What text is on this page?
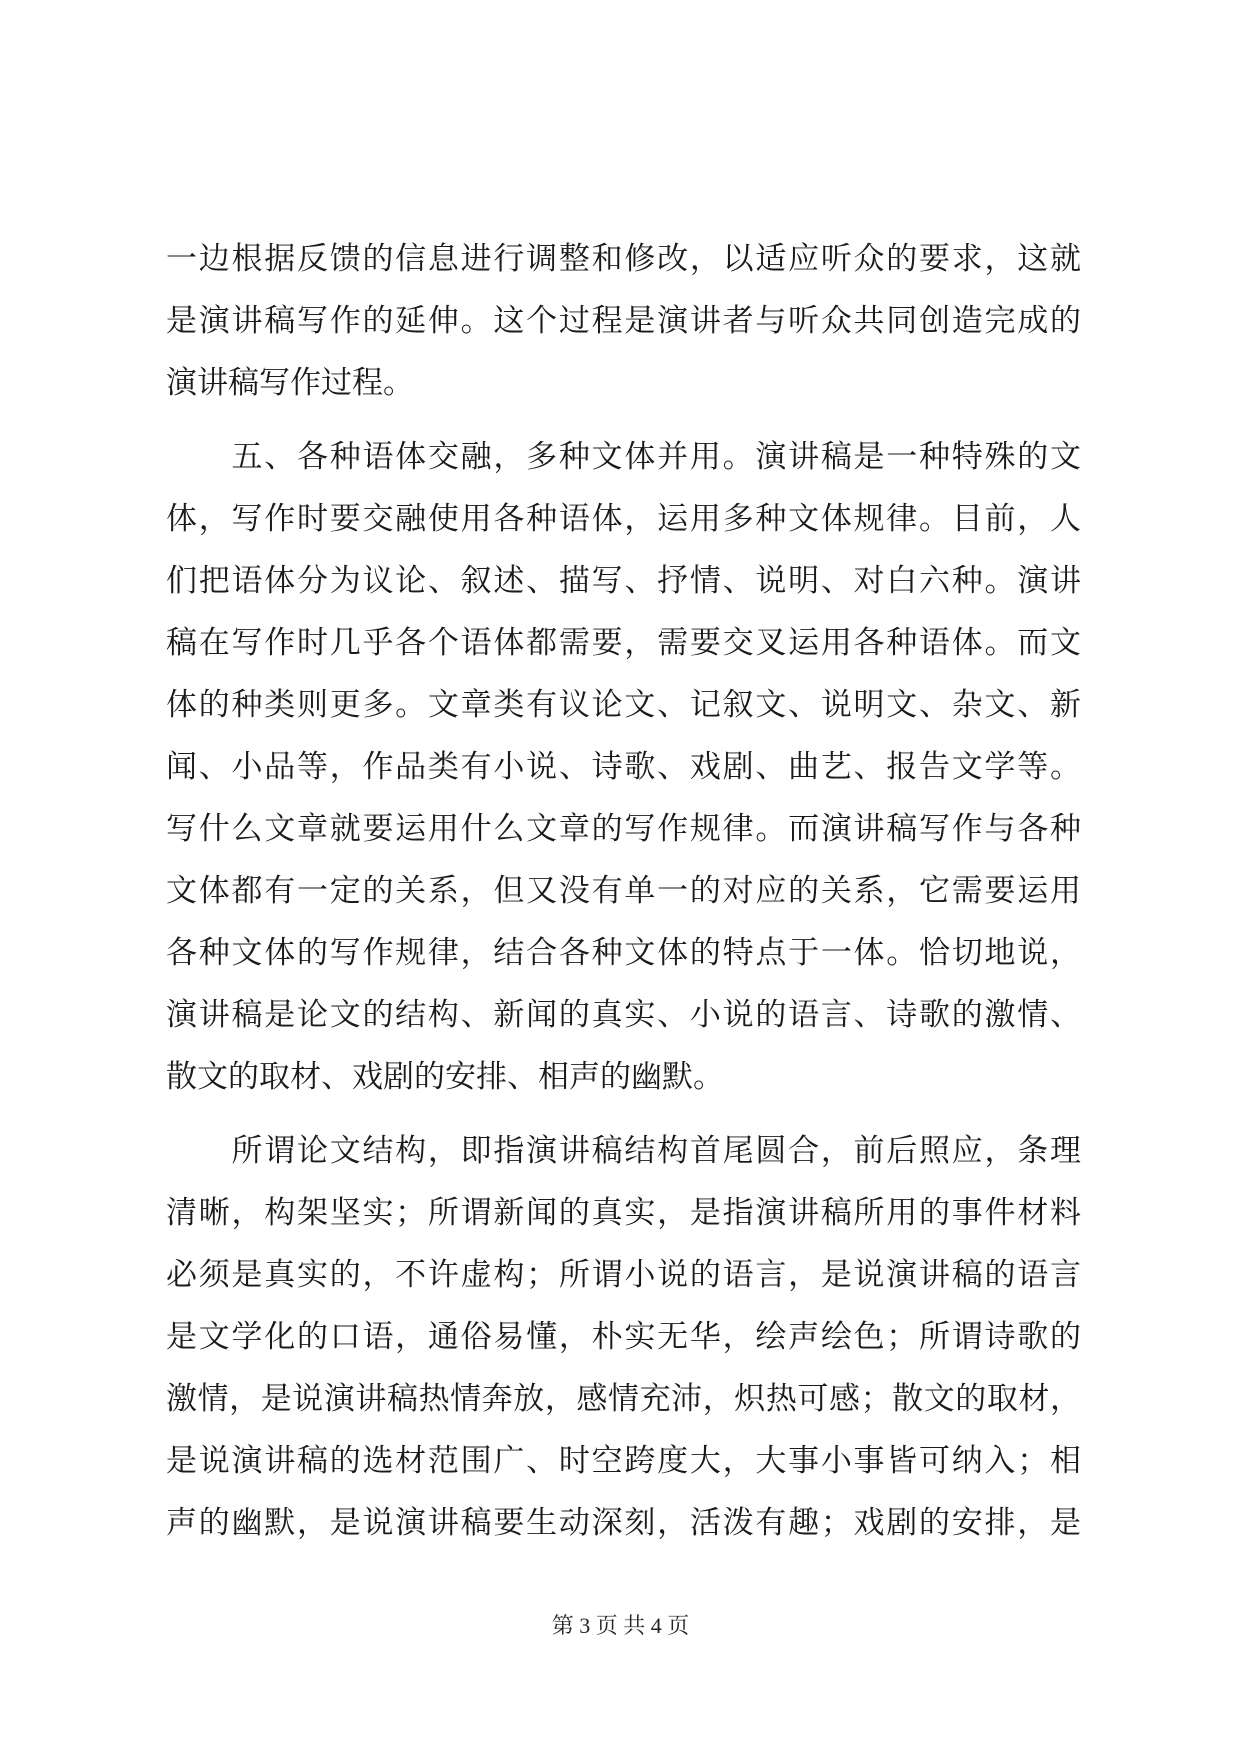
一边根据反馈的信息进行调整和修改，以适应听众的要求，这就
是演讲稿写作的延伸。这个过程是演讲者与听众共同创造完成的
演讲稿写作过程。
　　五、各种语体交融，多种文体并用。演讲稿是一种特殊的文
体，写作时要交融使用各种语体，运用多种文体规律。目前，人
们把语体分为议论、叙述、描写、抒情、说明、对白六种。演讲
稿在写作时几乎各个语体都需要，需要交叉运用各种语体。而文
体的种类则更多。文章类有议论文、记叙文、说明文、杂文、新
闻、小品等，作品类有小说、诗歌、戏剧、曲艺、报告文学等。
写什么文章就要运用什么文章的写作规律。而演讲稿写作与各种
文体都有一定的关系，但又没有单一的对应的关系，它需要运用
各种文体的写作规律，结合各种文体的特点于一体。恰切地说，
演讲稿是论文的结构、新闻的真实、小说的语言、诗歌的激情、
散文的取材、戏剧的安排、相声的幽默。
　　所谓论文结构，即指演讲稿结构首尾圆合，前后照应，条理
清晰，构架坚实；所谓新闻的真实，是指演讲稿所用的事件材料
必须是真实的，不许虚构；所谓小说的语言，是说演讲稿的语言
是文学化的口语，通俗易懂，朴实无华，绘声绘色；所谓诗歌的
激情，是说演讲稿热情奔放，感情充沛，炽热可感；散文的取材，
是说演讲稿的选材范围广、时空跨度大，大事小事皆可纳入；相
声的幽默，是说演讲稿要生动深刻，活泼有趣；戏剧的安排，是
第 3 页 共 4 页
